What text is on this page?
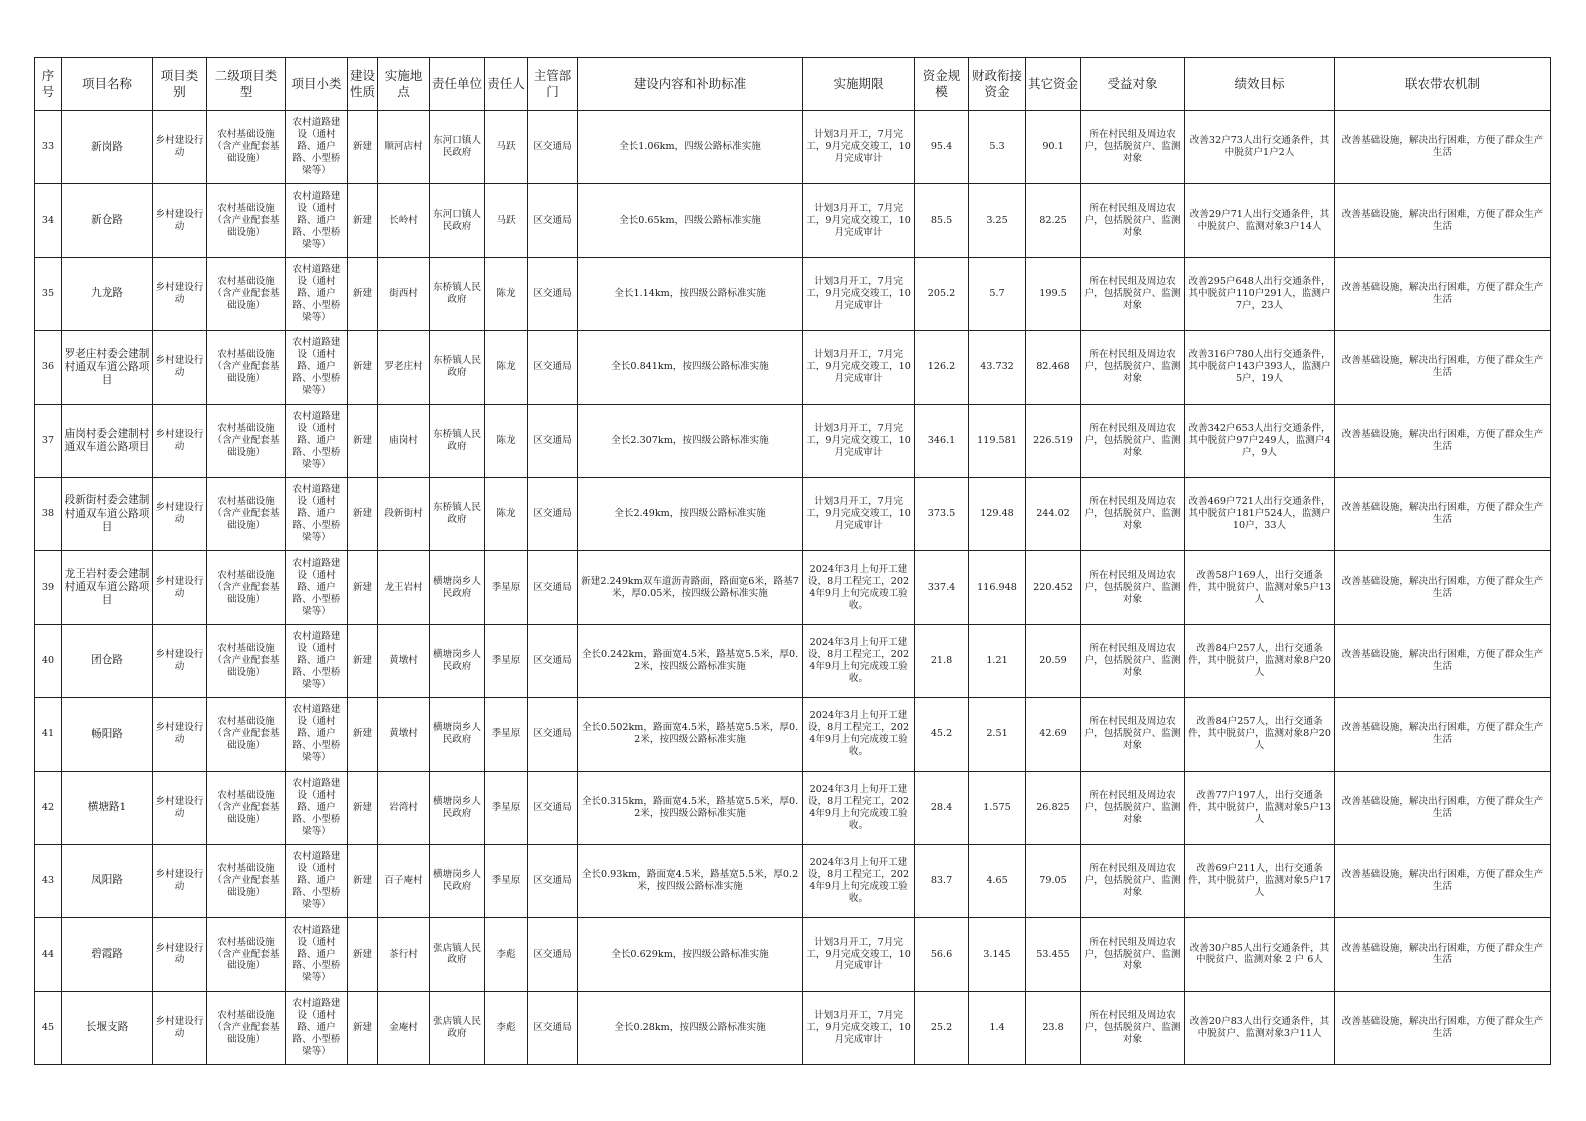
序号	项目名称	项目类别	二级项目类型	项目小类	建设性质	实施地点	责任单位	责任人	主管部门	建设内容和补助标准	实施期限	资金规模	财政衔接资金	其它资金	受益对象	绩效目标	联农带农机制
33	新岗路	乡村建设行动	农村基础设施（含产业配套基础设施）	农村道路建设（通村路、通户路、小型桥梁等）	新建	顺河店村	东河口镇人民政府	马跃	区交通局	全长1.06km，四级公路标准实施	计划3月开工，7月完工，9月完成交竣工，10月完成审计	95.4	5.3	90.1	所在村民组及周边农户，包括脱贫户、监测对象	改善32户73人出行交通条件，其中脱贫户1户2人	改善基础设施，解决出行困难，方便了群众生产生活
34	新仓路	乡村建设行动	农村基础设施（含产业配套基础设施）	农村道路建设（通村路、通户路、小型桥梁等）	新建	长岭村	东河口镇人民政府	马跃	区交通局	全长0.65km，四级公路标准实施	计划3月开工，7月完工，9月完成交竣工，10月完成审计	85.5	3.25	82.25	所在村民组及周边农户，包括脱贫户、监测对象	改善29户71人出行交通条件，其中脱贫户、监测对象3户14人	改善基础设施，解决出行困难，方便了群众生产生活
35	九龙路	乡村建设行动	农村基础设施（含产业配套基础设施）	农村道路建设（通村路、通户路、小型桥梁等）	新建	街西村	东桥镇人民政府	陈龙	区交通局	全长1.14km，按四级公路标准实施	计划3月开工，7月完工，9月完成交竣工，10月完成审计	205.2	5.7	199.5	所在村民组及周边农户，包括脱贫户、监测对象	改善295户648人出行交通条件，其中脱贫户110户291人，监测户7户，23人	改善基础设施，解决出行困难，方便了群众生产生活
36	罗老庄村委会建制村通双车道公路项目	乡村建设行动	农村基础设施（含产业配套基础设施）	农村道路建设（通村路、通户路、小型桥梁等）	新建	罗老庄村	东桥镇人民政府	陈龙	区交通局	全长0.841km，按四级公路标准实施	计划3月开工，7月完工，9月完成交竣工，10月完成审计	126.2	43.732	82.468	所在村民组及周边农户，包括脱贫户、监测对象	改善316户780人出行交通条件，其中脱贫户143户393人，监测户5户，19人	改善基础设施，解决出行困难，方便了群众生产生活
37	庙岗村委会建制村通双车道公路项目	乡村建设行动	农村基础设施（含产业配套基础设施）	农村道路建设（通村路、通户路、小型桥梁等）	新建	庙岗村	东桥镇人民政府	陈龙	区交通局	全长2.307km，按四级公路标准实施	计划3月开工，7月完工，9月完成交竣工，10月完成审计	346.1	119.581	226.519	所在村民组及周边农户，包括脱贫户、监测对象	改善342户653人出行交通条件，其中脱贫户97户249人，监测户4户，9人	改善基础设施，解决出行困难，方便了群众生产生活
38	段新街村委会建制村通双车道公路项目	乡村建设行动	农村基础设施（含产业配套基础设施）	农村道路建设（通村路、通户路、小型桥梁等）	新建	段新街村	东桥镇人民政府	陈龙	区交通局	全长2.49km，按四级公路标准实施	计划3月开工，7月完工，9月完成交竣工，10月完成审计	373.5	129.48	244.02	所在村民组及周边农户，包括脱贫户、监测对象	改善469户721人出行交通条件，其中脱贫户181户524人，监测户10户，33人	改善基础设施，解决出行困难，方便了群众生产生活
39	龙王岩村委会建制村通双车道公路项目	乡村建设行动	农村基础设施（含产业配套基础设施）	农村道路建设（通村路、通户路、小型桥梁等）	新建	龙王岩村	横塘岗乡人民政府	季星原	区交通局	新建2.249km双车道沥青路面，路面宽6米，路基7米，厚0.05米，按四级公路标准实施	2024年3月上旬开工建设，8月工程完工，2024年9月上旬完成竣工验收。	337.4	116.948	220.452	所在村民组及周边农户，包括脱贫户、监测对象	改善58户169人，出行交通条件，其中脱贫户、监测对象5户13人	改善基础设施，解决出行困难，方便了群众生产生活
40	团仓路	乡村建设行动	农村基础设施（含产业配套基础设施）	农村道路建设（通村路、通户路、小型桥梁等）	新建	黄墩村	横塘岗乡人民政府	季星原	区交通局	全长0.242km，路面宽4.5米，路基宽5.5米，厚0.2米，按四级公路标准实施	2024年3月上旬开工建设，8月工程完工，2024年9月上旬完成竣工验收。	21.8	1.21	20.59	所在村民组及周边农户，包括脱贫户、监测对象	改善84户257人，出行交通条件，其中脱贫户，监测对象8户20人	改善基础设施，解决出行困难，方便了群众生产生活
41	畅阳路	乡村建设行动	农村基础设施（含产业配套基础设施）	农村道路建设（通村路、通户路、小型桥梁等）	新建	黄墩村	横塘岗乡人民政府	季星原	区交通局	全长0.502km，路面宽4.5米，路基宽5.5米，厚0.2米，按四级公路标准实施	2024年3月上旬开工建设，8月工程完工，2024年9月上旬完成竣工验收。	45.2	2.51	42.69	所在村民组及周边农户，包括脱贫户、监测对象	改善84户257人，出行交通条件，其中脱贫户，监测对象8户20人	改善基础设施，解决出行困难，方便了群众生产生活
42	横塘路1	乡村建设行动	农村基础设施（含产业配套基础设施）	农村道路建设（通村路、通户路、小型桥梁等）	新建	岩湾村	横塘岗乡人民政府	季星原	区交通局	全长0.315km，路面宽4.5米，路基宽5.5米，厚0.2米，按四级公路标准实施	2024年3月上旬开工建设，8月工程完工，2024年9月上旬完成竣工验收。	28.4	1.575	26.825	所在村民组及周边农户，包括脱贫户、监测对象	改善77户197人，出行交通条件，其中脱贫户，监测对象5户13人	改善基础设施，解决出行困难，方便了群众生产生活
43	凤阳路	乡村建设行动	农村基础设施（含产业配套基础设施）	农村道路建设（通村路、通户路、小型桥梁等）	新建	百子庵村	横塘岗乡人民政府	季星原	区交通局	全长0.93km，路面宽4.5米，路基宽5.5米，厚0.2米，按四级公路标准实施	2024年3月上旬开工建设，8月工程完工，2024年9月上旬完成竣工验收。	83.7	4.65	79.05	所在村民组及周边农户，包括脱贫户、监测对象	改善69户211人，出行交通条件，其中脱贫户，监测对象5户17人	改善基础设施，解决出行困难，方便了群众生产生活
44	碧霞路	乡村建设行动	农村基础设施（含产业配套基础设施）	农村道路建设（通村路、通户路、小型桥梁等）	新建	茶行村	张店镇人民政府	李彪	区交通局	全长0.629km，按四级公路标准实施	计划3月开工，7月完工，9月完成交竣工，10月完成审计	56.6	3.145	53.455	所在村民组及周边农户，包括脱贫户、监测对象	改善30户85人出行交通条件，其中脱贫户、监测对象 2 户 6人	改善基础设施，解决出行困难，方便了群众生产生活
45	长堰支路	乡村建设行动	农村基础设施（含产业配套基础设施）	农村道路建设（通村路、通户路、小型桥梁等）	新建	金庵村	张店镇人民政府	李彪	区交通局	全长0.28km，按四级公路标准实施	计划3月开工，7月完工，9月完成交竣工，10月完成审计	25.2	1.4	23.8	所在村民组及周边农户，包括脱贫户、监测对象	改善20户83人出行交通条件，其中脱贫户、监测对象3户11人	改善基础设施，解决出行困难，方便了群众生产生活
